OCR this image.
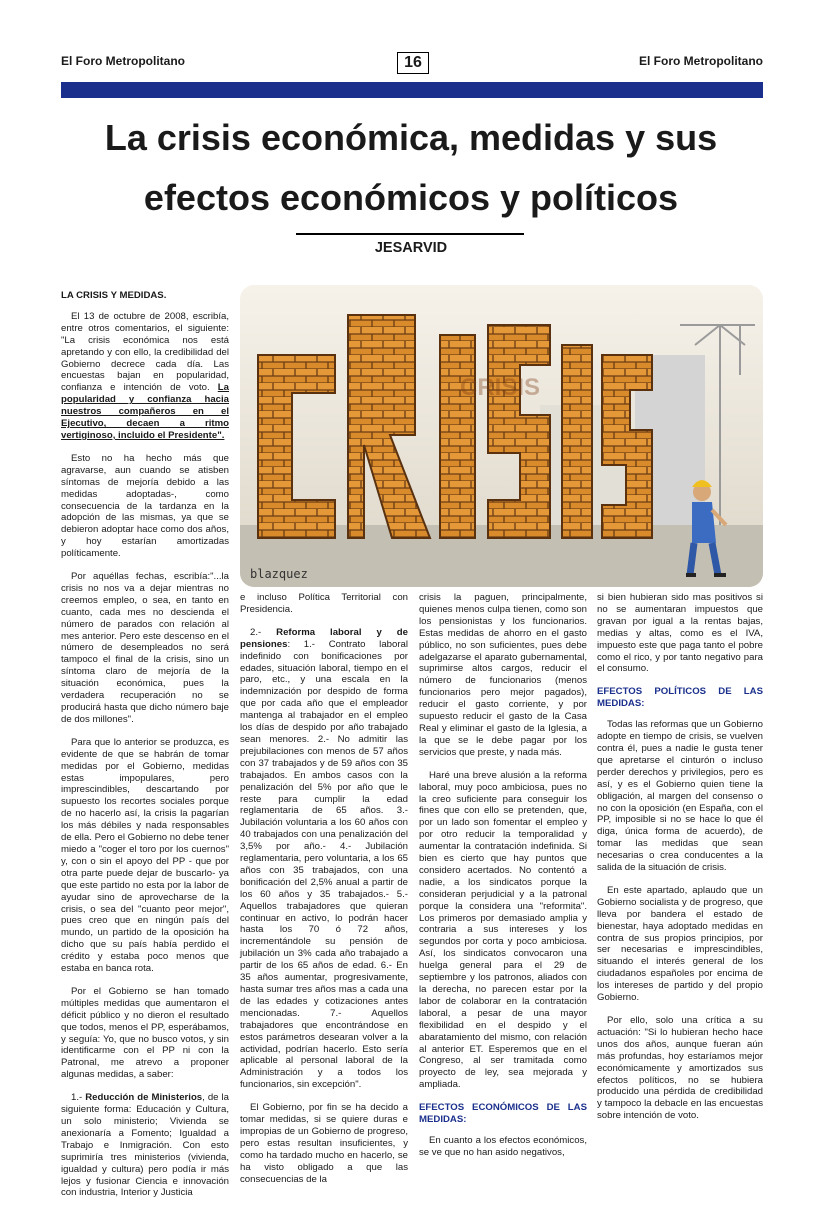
El Foro Metropolitano	16	El Foro Metropolitano
La crisis económica, medidas y sus
efectos económicos y políticos
JESARVID
CRISIS
blazquez

LA CRISIS Y MEDIDAS.

El 13 de octubre de 2008, escribía, entre otros comentarios, el siguiente: "La crisis económica nos está apretando y con ello, la credibilidad del Gobierno decrece cada día. Las encuestas bajan en popularidad, confianza e intención de voto. La popularidad y confianza hacia nuestros compañeros en el Ejecutivo, decaen a ritmo vertiginoso, incluido el Presidente".

Esto no ha hecho más que agravarse, aun cuando se atisben síntomas de mejoría debido a las medidas adoptadas-, como consecuencia de la tardanza en la adopción de las mismas, ya que se debieron adoptar hace como dos años, y hoy estarían amortizadas políticamente.

Por aquéllas fechas, escribía:"...la crisis no nos va a dejar mientras no creemos empleo, o sea, en tanto en cuanto, cada mes no descienda el número de parados con relación al mes anterior. Pero este descenso en el número de desempleados no será tampoco el final de la crisis, sino un síntoma claro de mejoría de la situación económica, pues la verdadera recuperación no se producirá hasta que dicho número baje de dos millones".

Para que lo anterior se produzca, es evidente de que se habrán de tomar medidas por el Gobierno, medidas estas impopulares, pero imprescindibles, descartando por supuesto los recortes sociales porque de no hacerlo así, la crisis la pagarían los más débiles y nada responsables de ella. Pero el Gobierno no debe tener miedo a "coger el toro por los cuernos" y, con o sin el apoyo del PP - que por otra parte puede dejar de buscarlo- ya que este partido no esta por la labor de ayudar sino de aprovecharse de la crisis, o sea del "cuanto peor mejor", pues creo que en ningún país del mundo, un partido de la oposición ha dicho que su país había perdido el crédito y estaba poco menos que estaba en banca rota.

Por el Gobierno se han tomado múltiples medidas que aumentaron el déficit público y no dieron el resultado que todos, menos el PP, esperábamos, y seguía: Yo, que no busco votos, y sin identificarme con el PP ni con la Patronal, me atrevo a proponer algunas medidas, a saber:

1.- Reducción de Ministerios, de la siguiente forma: Educación y Cultura, un solo ministerio; Vivienda se anexionaría a Fomento; Igualdad a Trabajo e Inmigración. Con esto suprimiría tres ministerios (vivienda, igualdad y cultura) pero podía ir más lejos y fusionar Ciencia e innovación con industria, Interior y Justicia

e incluso Política Territorial con Presidencia.

2.- Reforma laboral y de pensiones: 1.- Contrato laboral indefinido con bonificaciones por edades, situación laboral, tiempo en el paro, etc., y una escala en la indemnización por despido de forma que por cada año que el empleador mantenga al trabajador en el empleo los días de despido por año trabajado sean menores. 2.- No admitir las prejubilaciones con menos de 57 años con 37 trabajados y de 59 años con 35 trabajados. En ambos casos con la penalización del 5% por año que le reste para cumplir la edad reglamentaria de 65 años. 3.- Jubilación voluntaria a los 60 años con 40 trabajados con una penalización del 3,5% por año.- 4.- Jubilación reglamentaria, pero voluntaria, a los 65 años con 35 trabajados, con una bonificación del 2,5% anual a partir de los 60 años y 35 trabajados.- 5.- Aquellos trabajadores que quieran continuar en activo, lo podrán hacer hasta los 70 ó 72 años, incrementándole su pensión de jubilación un 3% cada año trabajado a partir de los 65 años de edad. 6.- En 35 años aumentar, progresivamente, hasta sumar tres años mas a cada una de las edades y cotizaciones antes mencionadas. 7.- Aquellos trabajadores que encontrándose en estos parámetros desearan volver a la actividad, podrían hacerlo. Esto sería aplicable al personal laboral de la Administración y a todos los funcionarios, sin excepción".

El Gobierno, por fin se ha decido a tomar medidas, si se quiere duras e impropias de un Gobierno de progreso, pero estas resultan insuficientes, y como ha tardado mucho en hacerlo, se ha visto obligado a que las consecuencias de la

crisis la paguen, principalmente, quienes menos culpa tienen, como son los pensionistas y los funcionarios. Estas medidas de ahorro en el gasto público, no son suficientes, pues debe adelgazarse el aparato gubernamental, suprimirse altos cargos, reducir el número de funcionarios (menos funcionarios pero mejor pagados), reducir el gasto corriente, y por supuesto reducir el gasto de la Casa Real y eliminar el gasto de la Iglesia, a la que se le debe pagar por los servicios que preste, y nada más.

Haré una breve alusión a la reforma laboral, muy poco ambiciosa, pues no la creo suficiente para conseguir los fines que con ello se pretenden, que, por un lado son fomentar el empleo y por otro reducir la temporalidad y aumentar la contratación indefinida. Si bien es cierto que hay puntos que considero acertados. No contentó a nadie, a los sindicatos porque la consideran perjudicial y a la patronal porque la considera una "reformita". Los primeros por demasiado amplia y contraria a sus intereses y los segundos por corta y poco ambiciosa. Así, los sindicatos convocaron una huelga general para el 29 de septiembre y los patronos, aliados con la derecha, no parecen estar por la labor de colaborar en la contratación laboral, a pesar de una mayor flexibilidad en el despido y el abaratamiento del mismo, con relación al anterior ET. Esperemos que en el Congreso, al ser tramitada como proyecto de ley, sea mejorada y ampliada.

EFECTOS ECONÓMICOS DE LAS MEDIDAS:

En cuanto a los efectos económicos, se ve que no han asido negativos,

si bien hubieran sido mas positivos si no se aumentaran impuestos que gravan por igual a la rentas bajas, medias y altas, como es el IVA, impuesto este que paga tanto el pobre como el rico, y por tanto negativo para el consumo.

EFECTOS POLÍTICOS DE LAS MEDIDAS:

Todas las reformas que un Gobierno adopte en tiempo de crisis, se vuelven contra él, pues a nadie le gusta tener que apretarse el cinturón o incluso perder derechos y privilegios, pero es así, y es el Gobierno quien tiene la obligación, al margen del consenso o no con la oposición (en España, con el PP, imposible si no se hace lo que él diga, única forma de acuerdo), de tomar las medidas que sean necesarias o crea conducentes a la salida de la situación de crisis.

En este apartado, aplaudo que un Gobierno socialista y de progreso, que lleva por bandera el estado de bienestar, haya adoptado medidas en contra de sus propios principios, por ser necesarias e imprescindibles, situando el interés general de los ciudadanos españoles por encima de los intereses de partido y del propio Gobierno.

Por ello, solo una crítica a su actuación: "Si lo hubieran hecho hace unos dos años, aunque fueran aún más profundas, hoy estaríamos mejor económicamente y amortizados sus efectos políticos, no se hubiera producido una pérdida de credibilidad y tampoco la debacle en las encuestas sobre intención de voto.
